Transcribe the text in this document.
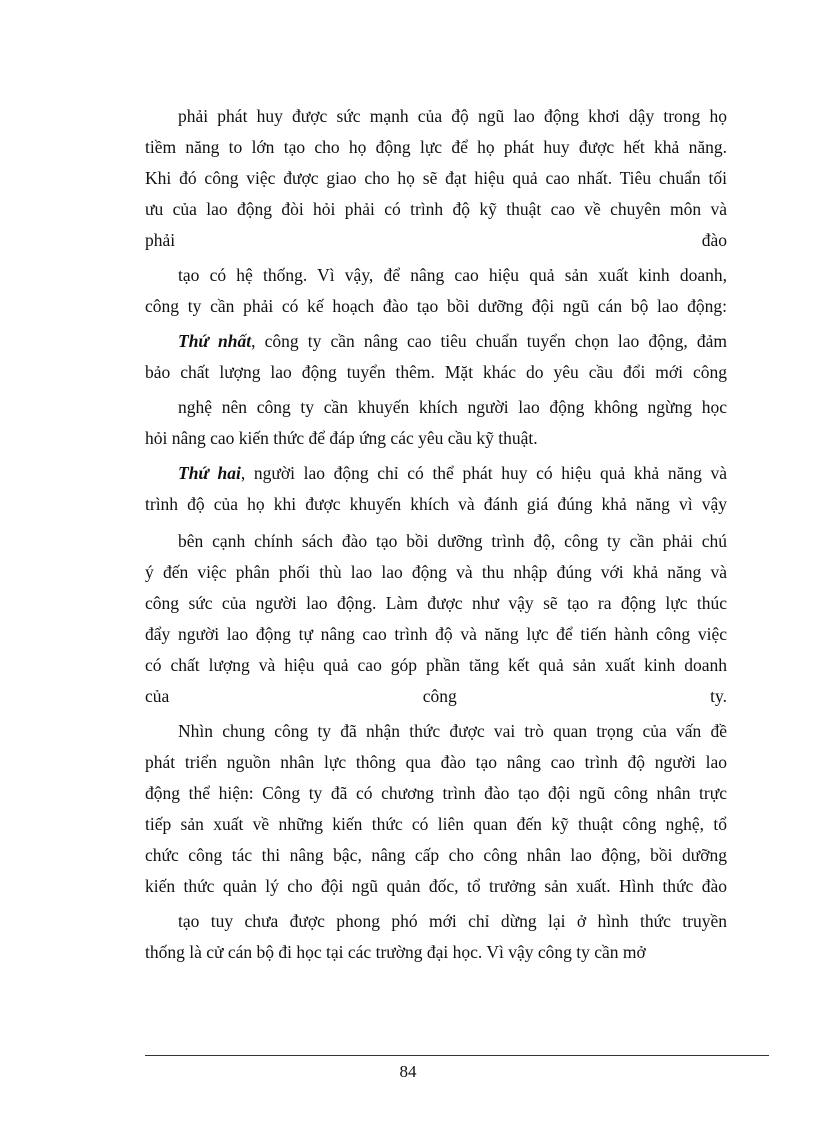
phải phát huy được sức mạnh của độ ngũ lao động khơi dậy trong họ
tiềm năng to lớn tạo cho họ động lực để họ phát huy được hết khả năng.
Khi đó công việc được giao cho họ sẽ đạt hiệu quả cao nhất. Tiêu chuẩn tối
ưu của lao động đòi hỏi phải có trình độ kỹ thuật cao về chuyên môn và
phải đào
tạo có hệ thống. Vì vậy, để nâng cao hiệu quả sản xuất kinh doanh,
công ty cần phải có kế hoạch đào tạo bồi dưỡng đội ngũ cán bộ lao động:
Thứ nhất, công ty cần nâng cao tiêu chuẩn tuyển chọn lao động, đảm
bảo chất lượng lao động tuyển thêm. Mặt khác do yêu cầu đổi mới công
nghệ nên công ty cần khuyến khích người lao động không ngừng học
hỏi nâng cao kiến thức để đáp ứng các yêu cầu kỹ thuật.
Thứ hai, người lao động chỉ có thể phát huy có hiệu quả khả năng và
trình độ của họ khi được khuyến khích và đánh giá đúng khả năng vì vậy
bên cạnh chính sách đào tạo bồi dưỡng trình độ, công ty cần phải chú
ý đến việc phân phối thù lao lao động và thu nhập đúng với khả năng và
công sức của người lao động. Làm được như vậy sẽ tạo ra động lực thúc
đẩy người lao động tự nâng cao trình độ và năng lực để tiến hành công việc
có chất lượng và hiệu quả cao góp phần tăng kết quả sản xuất kinh doanh
của công ty.
Nhìn chung công ty đã nhận thức được vai trò quan trọng của vấn đề
phát triển nguồn nhân lực thông qua đào tạo nâng cao trình độ người lao
động thể hiện: Công ty đã có chương trình đào tạo đội ngũ công nhân trực
tiếp sản xuất về những kiến thức có liên quan đến kỹ thuật công nghệ, tổ
chức công tác thi nâng bậc, nâng cấp cho công nhân lao động, bồi dưỡng
kiến thức quản lý cho đội ngũ quản đốc, tổ trưởng sản xuất. Hình thức đào
tạo tuy chưa được phong phó mới chỉ dừng lại ở hình thức truyền
thống là cử cán bộ đi học tại các trường đại học. Vì vậy công ty cần mở
84
